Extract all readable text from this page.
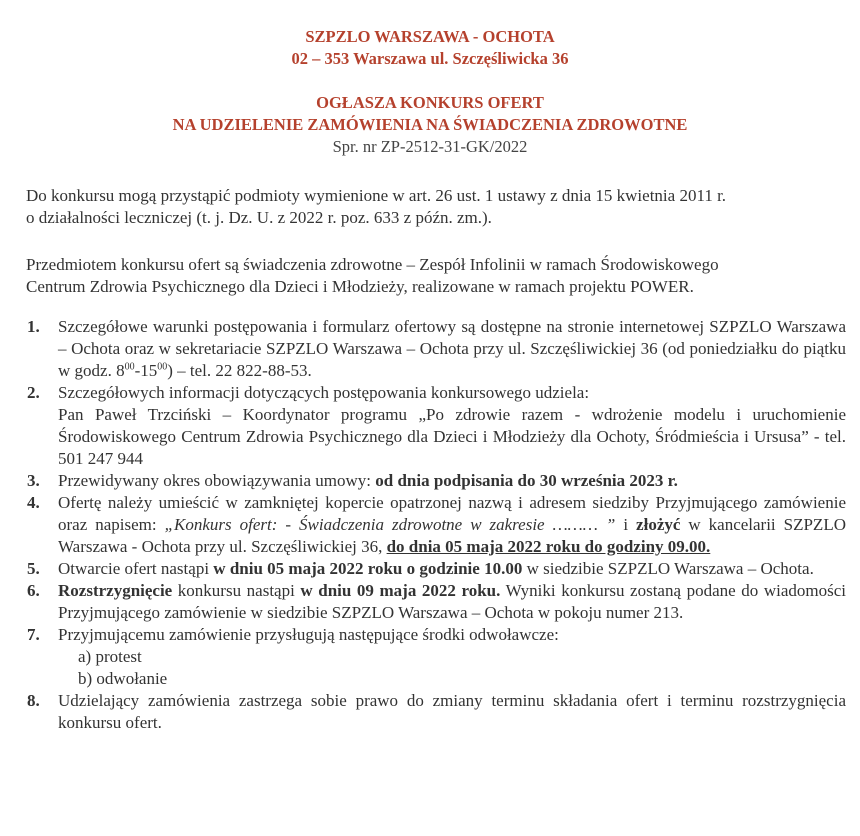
SZPZLO WARSZAWA - OCHOTA
02 – 353 Warszawa ul. Szczęśliwicka 36
OGŁASZA KONKURS OFERT
NA UDZIELENIE ZAMÓWIENIA NA ŚWIADCZENIA ZDROWOTNE
Spr. nr ZP-2512-31-GK/2022
Do konkursu mogą przystąpić podmioty wymienione w art. 26 ust. 1 ustawy z dnia 15 kwietnia 2011 r.
o działalności leczniczej (t. j. Dz. U. z 2022 r. poz. 633 z późn. zm.).
Przedmiotem konkursu ofert są świadczenia zdrowotne – Zespół Infolinii w ramach Środowiskowego
Centrum Zdrowia Psychicznego dla Dzieci i Młodzieży, realizowane w ramach projektu POWER.
1. Szczegółowe warunki postępowania i formularz ofertowy są dostępne na stronie internetowej SZPZLO Warszawa – Ochota oraz w sekretariacie SZPZLO Warszawa – Ochota przy ul. Szczęśliwickiej 36 (od poniedziałku do piątku w godz. $8^{00}-15^{00}$) – tel. 22 822-88-53.
2. Szczegółowych informacji dotyczących postępowania konkursowego udziela:
Pan Paweł Trzciński – Koordynator programu „Po zdrowie razem - wdrożenie modelu i uruchomienie Środowiskowego Centrum Zdrowia Psychicznego dla Dzieci i Młodzieży dla Ochoty, Śródmieścia i Ursusa” - tel. 501 247 944
3. Przewidywany okres obowiązywania umowy: od dnia podpisania do 30 września 2023 r.
4. Ofertę należy umieścić w zamkniętej kopercie opatrzonej nazwą i adresem siedziby Przyjmującego zamówienie oraz napisem: „Konkurs ofert: - Świadczenia zdrowotne w zakresie ……… ” i złożyć w kancelarii SZPZLO Warszawa - Ochota przy ul. Szczęśliwickiej 36, do dnia 05 maja 2022 roku do godziny 09.00.
5. Otwarcie ofert nastąpi w dniu 05 maja 2022 roku o godzinie 10.00 w siedzibie SZPZLO Warszawa – Ochota.
6. Rozstrzygnięcie konkursu nastąpi w dniu 09 maja 2022 roku. Wyniki konkursu zostaną podane do wiadomości Przyjmującego zamówienie w siedzibie SZPZLO Warszawa – Ochota w pokoju numer 213.
7. Przyjmującemu zamówienie przysługują następujące środki odwoławcze:
a) protest
b) odwołanie
8. Udzielający zamówienia zastrzega sobie prawo do zmiany terminu składania ofert i terminu rozstrzygnięcia konkursu ofert.
